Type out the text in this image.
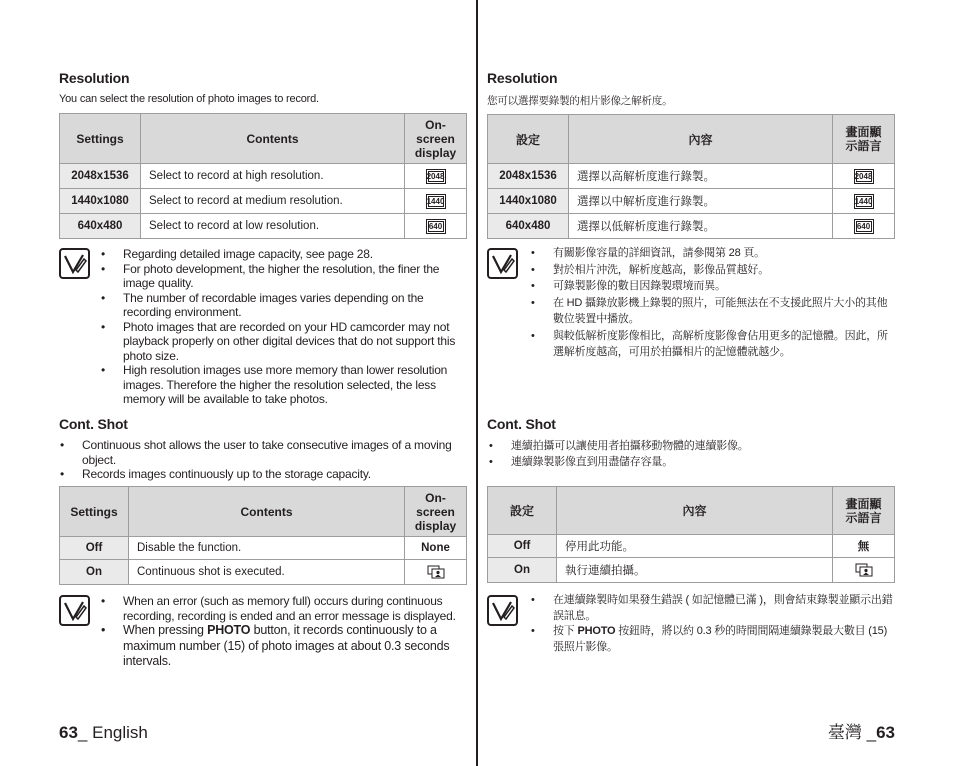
Resolution
You can select the resolution of photo images to record.
Settings	Contents	On-
screen
display
2048x1536	Select to record at high resolution.	2048
1440x1080	Select to record at medium resolution.	1440
640x480	Select to record at low resolution.	640
• Regarding detailed image capacity, see page 28.
• For photo development, the higher the resolution, the finer the image quality.
• The number of recordable images varies depending on the recording environment.
• Photo images that are recorded on your HD camcorder may not playback properly on other digital devices that do not support this photo size.
• High resolution images use more memory than lower resolution images. Therefore the higher the resolution selected, the less memory will be available to take photos.
Cont. Shot
• Continuous shot allows the user to take consecutive images of a moving object.
• Records images continuously up to the storage capacity.
Settings	Contents	On-
screen
display
Off	Disable the function.	None
On	Continuous shot is executed.	
• When an error (such as memory full) occurs during continuous recording, recording is ended and an error message is displayed.
• When pressing PHOTO button, it records continuously to a maximum number (15) of photo images at about 0.3 seconds intervals.
63_ English
Resolution
您可以選擇要錄製的相片影像之解析度。
設定	內容	畫面顯
示語言
2048x1536	選擇以高解析度進行錄製。	2048
1440x1080	選擇以中解析度進行錄製。	1440
640x480	選擇以低解析度進行錄製。	640
• 有關影像容量的詳細資訊，請參閱第 28 頁。
• 對於相片沖洗，解析度越高，影像品質越好。
• 可錄製影像的數目因錄製環境而異。
• 在 HD 攝錄放影機上錄製的照片，可能無法在不支援此照片大小的其他數位裝置中播放。
• 與較低解析度影像相比，高解析度影像會佔用更多的記憶體。因此，所選解析度越高，可用於拍攝相片的記憶體就越少。
Cont. Shot
• 連續拍攝可以讓使用者拍攝移動物體的連續影像。
• 連續錄製影像直到用盡儲存容量。
設定	內容	畫面顯
示語言
Off	停用此功能。	無
On	執行連續拍攝。	
• 在連續錄製時如果發生錯誤 ( 如記憶體已滿 )，則會結束錄製並顯示出錯誤訊息。
• 按下 PHOTO 按鈕時，將以約 0.3 秒的時間間隔連續錄製最大數目 (15) 張照片影像。
臺灣 _63
